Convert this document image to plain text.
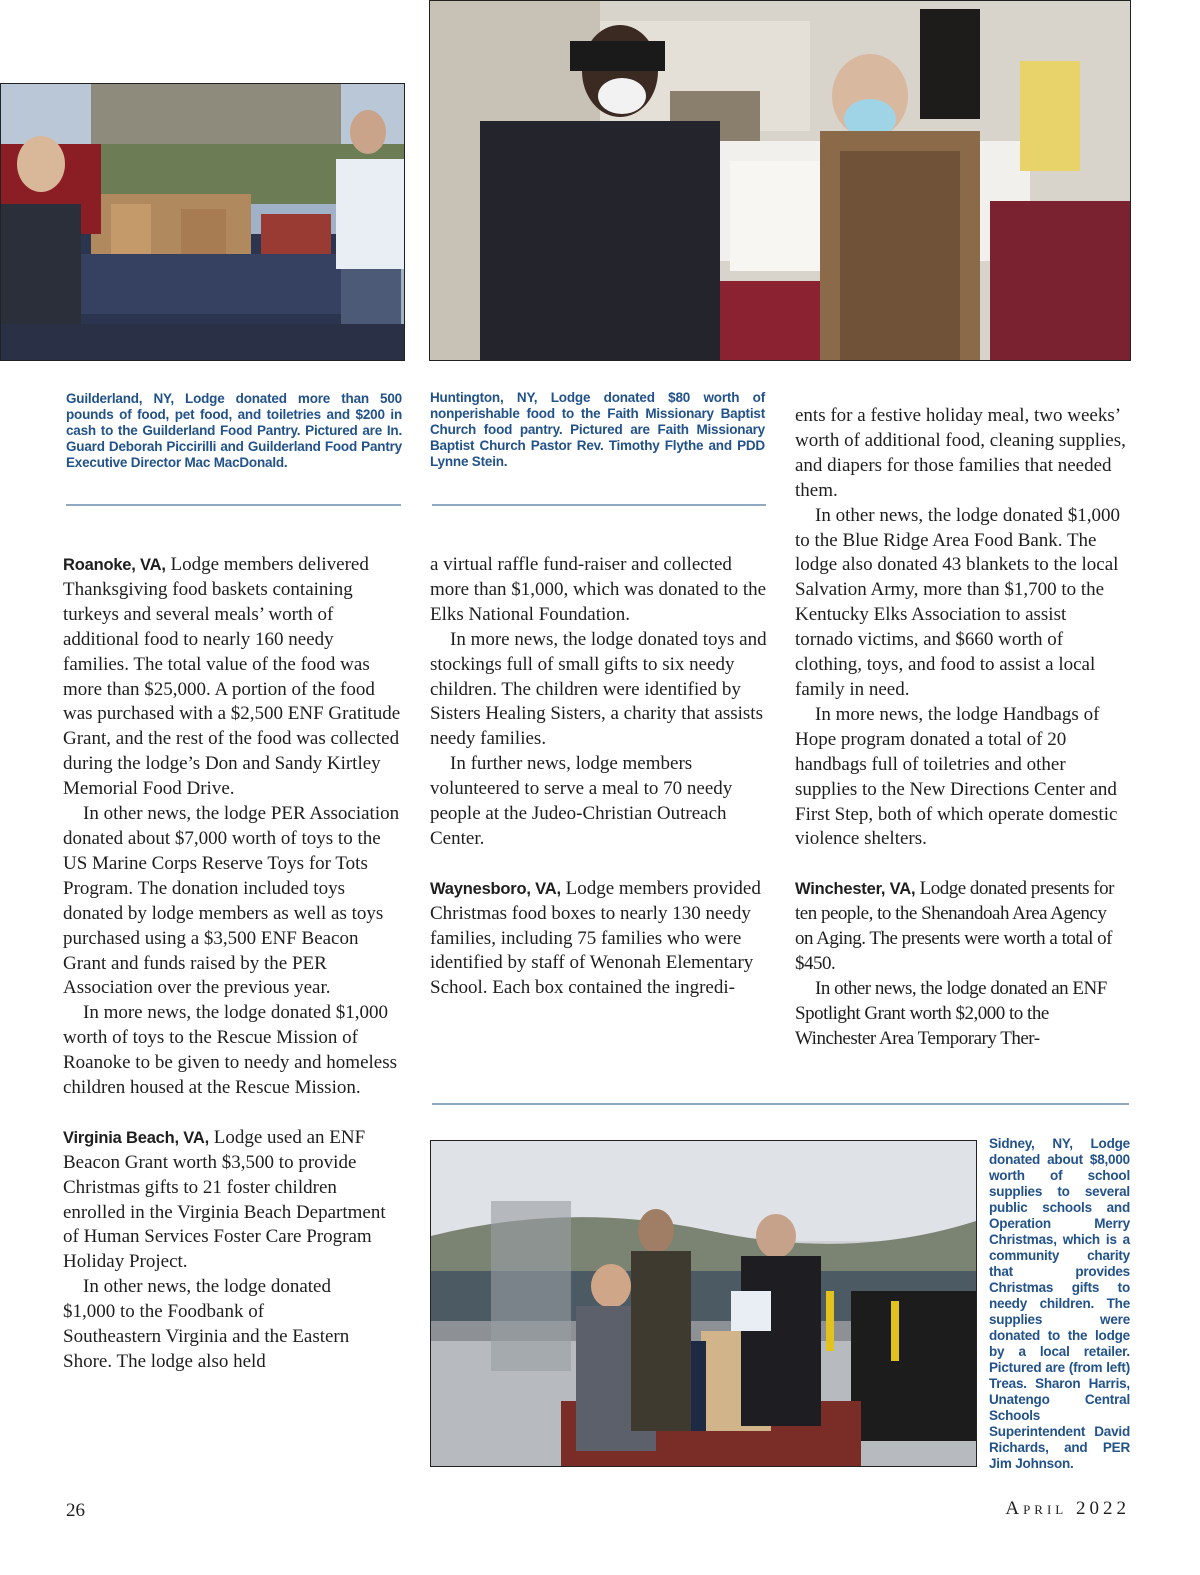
Guilderland, NY, Lodge donated more than 500 pounds of food, pet food, and toiletries and $200 in cash to the Guilderland Food Pantry. Pictured are In. Guard Deborah Piccirilli and Guilderland Food Pantry Executive Director Mac MacDonald.
Huntington, NY, Lodge donated $80 worth of nonperishable food to the Faith Missionary Baptist Church food pantry. Pictured are Faith Missionary Baptist Church Pastor Rev. Timothy Flythe and PDD Lynne Stein.

Roanoke, VA, Lodge members delivered Thanksgiving food baskets containing turkeys and several meals’ worth of additional food to nearly 160 needy families. The total value of the food was more than $25,000. A portion of the food was purchased with a $2,500 ENF Gratitude Grant, and the rest of the food was collected during the lodge’s Don and Sandy Kirtley Memorial Food Drive.

In other news, the lodge PER Association donated about $7,000 worth of toys to the US Marine Corps Reserve Toys for Tots Program. The donation included toys donated by lodge members as well as toys purchased using a $3,500 ENF Beacon Grant and funds raised by the PER Association over the previous year.

In more news, the lodge donated $1,000 worth of toys to the Rescue Mission of Roanoke to be given to needy and homeless children housed at the Rescue Mission.

Virginia Beach, VA, Lodge used an ENF Beacon Grant worth $3,500 to provide Christmas gifts to 21 foster children enrolled in the Virginia Beach Department of Human Services Foster Care Program Holiday Project.

In other news, the lodge donated $1,000 to the Foodbank of Southeastern Virginia and the Eastern Shore. The lodge also held

a virtual raffle fund-raiser and collected more than $1,000, which was donated to the Elks National Foundation.

In more news, the lodge donated toys and stockings full of small gifts to six needy children. The children were identified by Sisters Healing Sisters, a charity that assists needy families.

In further news, lodge members volunteered to serve a meal to 70 needy people at the Judeo-Christian Outreach Center.

Waynesboro, VA, Lodge members provided Christmas food boxes to nearly 130 needy families, including 75 families who were identified by staff of Wenonah Elementary School. Each box contained the ingredi-

ents for a festive holiday meal, two weeks’ worth of additional food, cleaning supplies, and diapers for those families that needed them.

In other news, the lodge donated $1,000 to the Blue Ridge Area Food Bank. The lodge also donated 43 blankets to the local Salvation Army, more than $1,700 to the Kentucky Elks Association to assist tornado victims, and $660 worth of clothing, toys, and food to assist a local family in need.

In more news, the lodge Handbags of Hope program donated a total of 20 handbags full of toiletries and other supplies to the New Directions Center and First Step, both of which operate domestic violence shelters.

Winchester, VA, Lodge donated presents for ten people, to the Shenandoah Area Agency on Aging. The presents were worth a total of $450.

In other news, the lodge donated an ENF Spotlight Grant worth $2,000 to the Winchester Area Temporary Ther-

Sidney, NY, Lodge donated about $8,000 worth of school supplies to several public schools and Operation Merry Christmas, which is a community charity that provides Christmas gifts to needy children. The supplies were donated to the lodge by a local retailer. Pictured are (from left) Treas. Sharon Harris, Unatengo Central Schools Superintendent David Richards, and PER Jim Johnson.
26	April 2022
